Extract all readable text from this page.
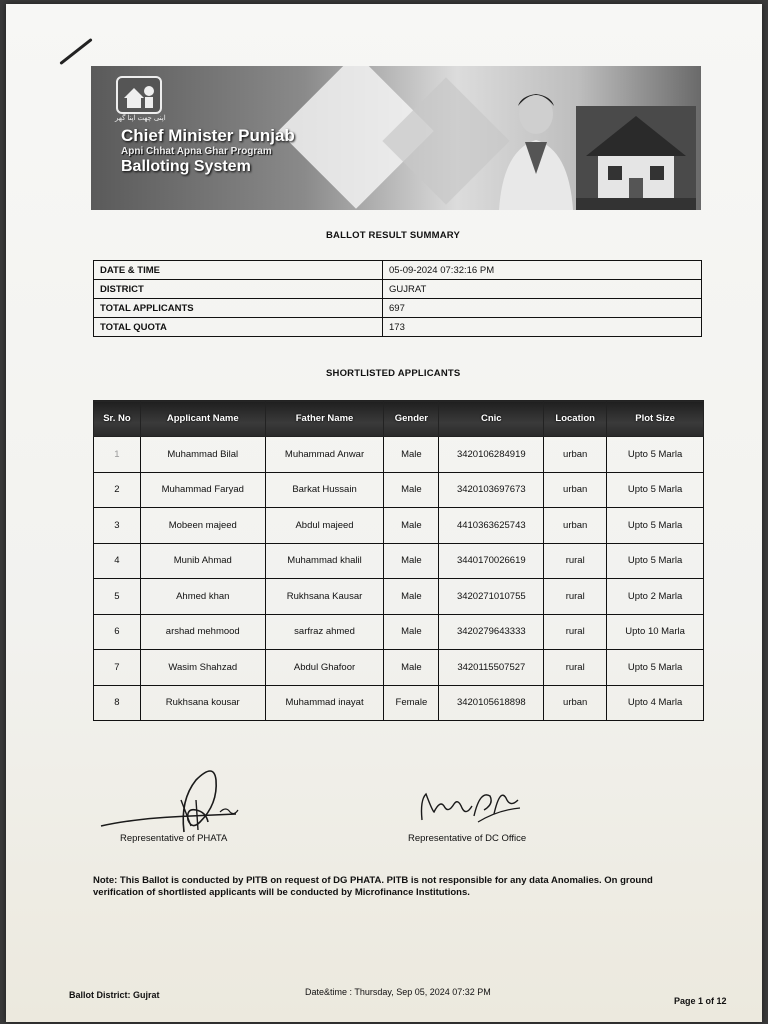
اپنی چھت اپنا گھر
Chief Minister Punjab
Apni Chhat Apna Ghar Program
Balloting System
BALLOT RESULT SUMMARY
DATE & TIME	05-09-2024 07:32:16 PM
DISTRICT	GUJRAT
TOTAL APPLICANTS	697
TOTAL QUOTA	173
SHORTLISTED APPLICANTS
Sr. No	Applicant Name	Father Name	Gender	Cnic	Location	Plot Size
1	Muhammad Bilal	Muhammad Anwar	Male	3420106284919	urban	Upto 5 Marla
2	Muhammad Faryad	Barkat Hussain	Male	3420103697673	urban	Upto 5 Marla
3	Mobeen majeed	Abdul majeed	Male	4410363625743	urban	Upto 5 Marla
4	Munib Ahmad	Muhammad khalil	Male	3440170026619	rural	Upto 5 Marla
5	Ahmed khan	Rukhsana Kausar	Male	3420271010755	rural	Upto 2 Marla
6	arshad mehmood	sarfraz ahmed	Male	3420279643333	rural	Upto 10 Marla
7	Wasim Shahzad	Abdul Ghafoor	Male	3420115507527	rural	Upto 5 Marla
8	Rukhsana kousar	Muhammad inayat	Female	3420105618898	urban	Upto 4 Marla
Representative of PHATA	Representative of DC Office
Note: This Ballot is conducted by PITB on request of DG PHATA. PITB is not responsible for any data Anomalies. On ground verification of shortlisted applicants will be conducted by Microfinance Institutions.
Ballot District: Gujrat	Date&time : Thursday, Sep 05, 2024 07:32 PM
Page 1 of 12
